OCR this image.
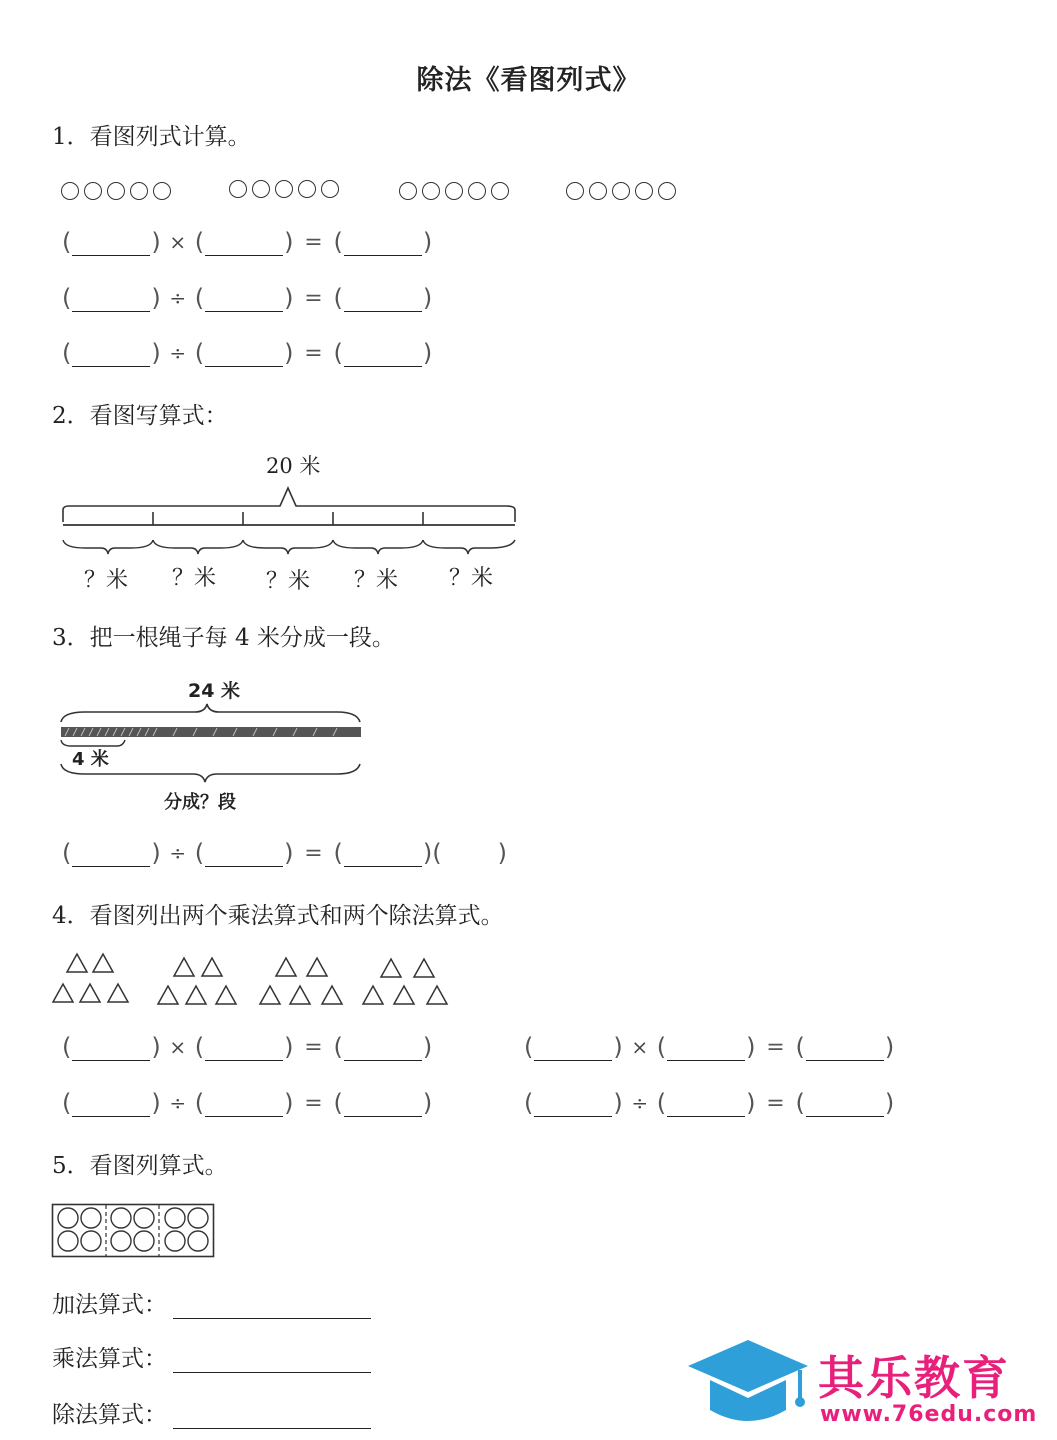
除法《看图列式》
1．看图列式计算。
(	) × (	) = (	)
(	) ÷ (	) = (	)
(	) ÷ (	) = (	)
2．看图写算式：
20 米
？米 ？米 ？米 ？米 ？米
3．把一根绳子每 4 米分成一段。
24 米
4 米
分成？段
(	) ÷ (	) = (	) ( )
4．看图列出两个乘法算式和两个除法算式。
(	) × (	) = (	)	(	) × (	) = (	)
(	) ÷ (	) = (	)	(	) ÷ (	) = (	)
5．看图列算式。
加法算式：
乘法算式：
除法算式：
其乐教育
www.76edu.com
